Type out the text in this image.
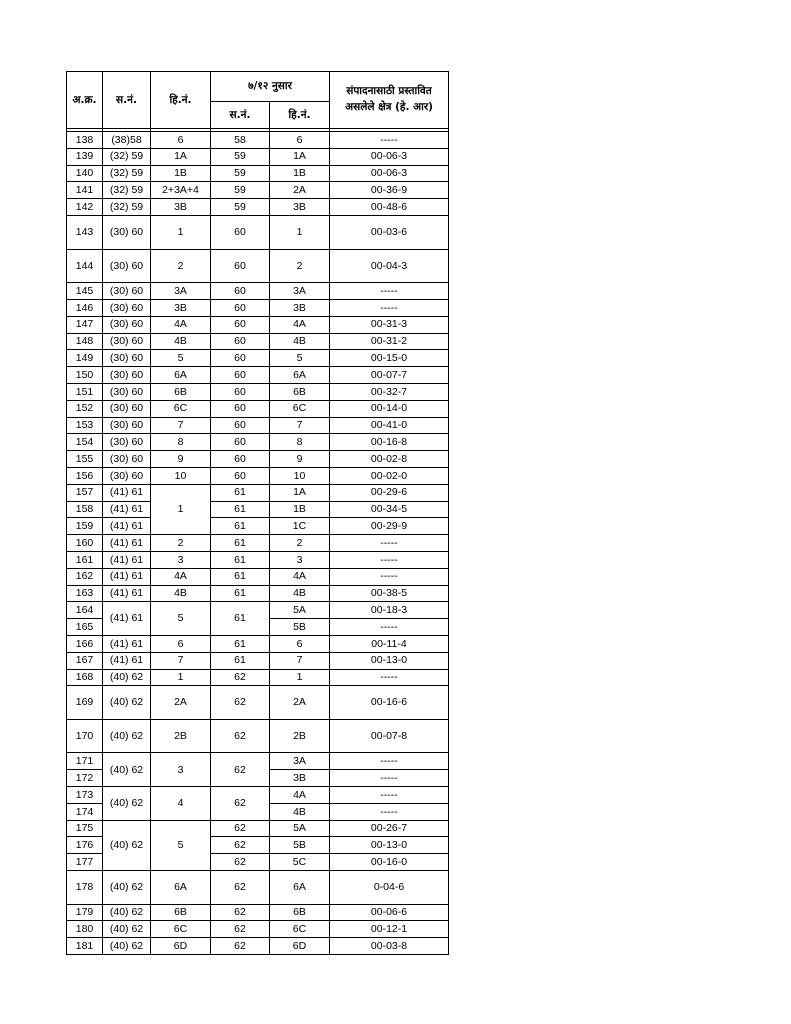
अ.क्र.	स.नं.	हि.नं.	७/१२ नुसार		संपादनासाठी प्रस्तावित असलेले क्षेत्र (हे. आर)
			स.नं.	हि.नं.	

138	(38)58	6	58	6	-----
139	(32) 59	1A	59	1A	00-06-3
140	(32) 59	1B	59	1B	00-06-3
141	(32) 59	2+3A+4	59	2A	00-36-9
142	(32) 59	3B	59	3B	00-48-6
143	(30) 60	1	60	1	00-03-6
144	(30) 60	2	60	2	00-04-3
145	(30) 60	3A	60	3A	-----
146	(30) 60	3B	60	3B	-----
147	(30) 60	4A	60	4A	00-31-3
148	(30) 60	4B	60	4B	00-31-2
149	(30) 60	5	60	5	00-15-0
150	(30) 60	6A	60	6A	00-07-7
151	(30) 60	6B	60	6B	00-32-7
152	(30) 60	6C	60	6C	00-14-0
153	(30) 60	7	60	7	00-41-0
154	(30) 60	8	60	8	00-16-8
155	(30) 60	9	60	9	00-02-8
156	(30) 60	10	60	10	00-02-0
157	(41) 61	1	61	1A	00-29-6
158	(41) 61		61	1B	00-34-5
159	(41) 61		61	1C	00-29-9
160	(41) 61	2	61	2	-----
161	(41) 61	3	61	3	-----
162	(41) 61	4A	61	4A	-----
163	(41) 61	4B	61	4B	00-38-5
164	(41) 61	5	61	5A	00-18-3
165				5B	-----
166	(41) 61	6	61	6	00-11-4
167	(41) 61	7	61	7	00-13-0
168	(40) 62	1	62	1	-----
169	(40) 62	2A	62	2A	00-16-6
170	(40) 62	2B	62	2B	00-07-8
171	(40) 62	3	62	3A	-----
172				3B	-----
173	(40) 62	4	62	4A	-----
174				4B	-----
175	(40) 62	5	62	5A	00-26-7
176			62	5B	00-13-0
177			62	5C	00-16-0
178	(40) 62	6A	62	6A	0-04-6
179	(40) 62	6B	62	6B	00-06-6
180	(40) 62	6C	62	6C	00-12-1
181	(40) 62	6D	62	6D	00-03-8
